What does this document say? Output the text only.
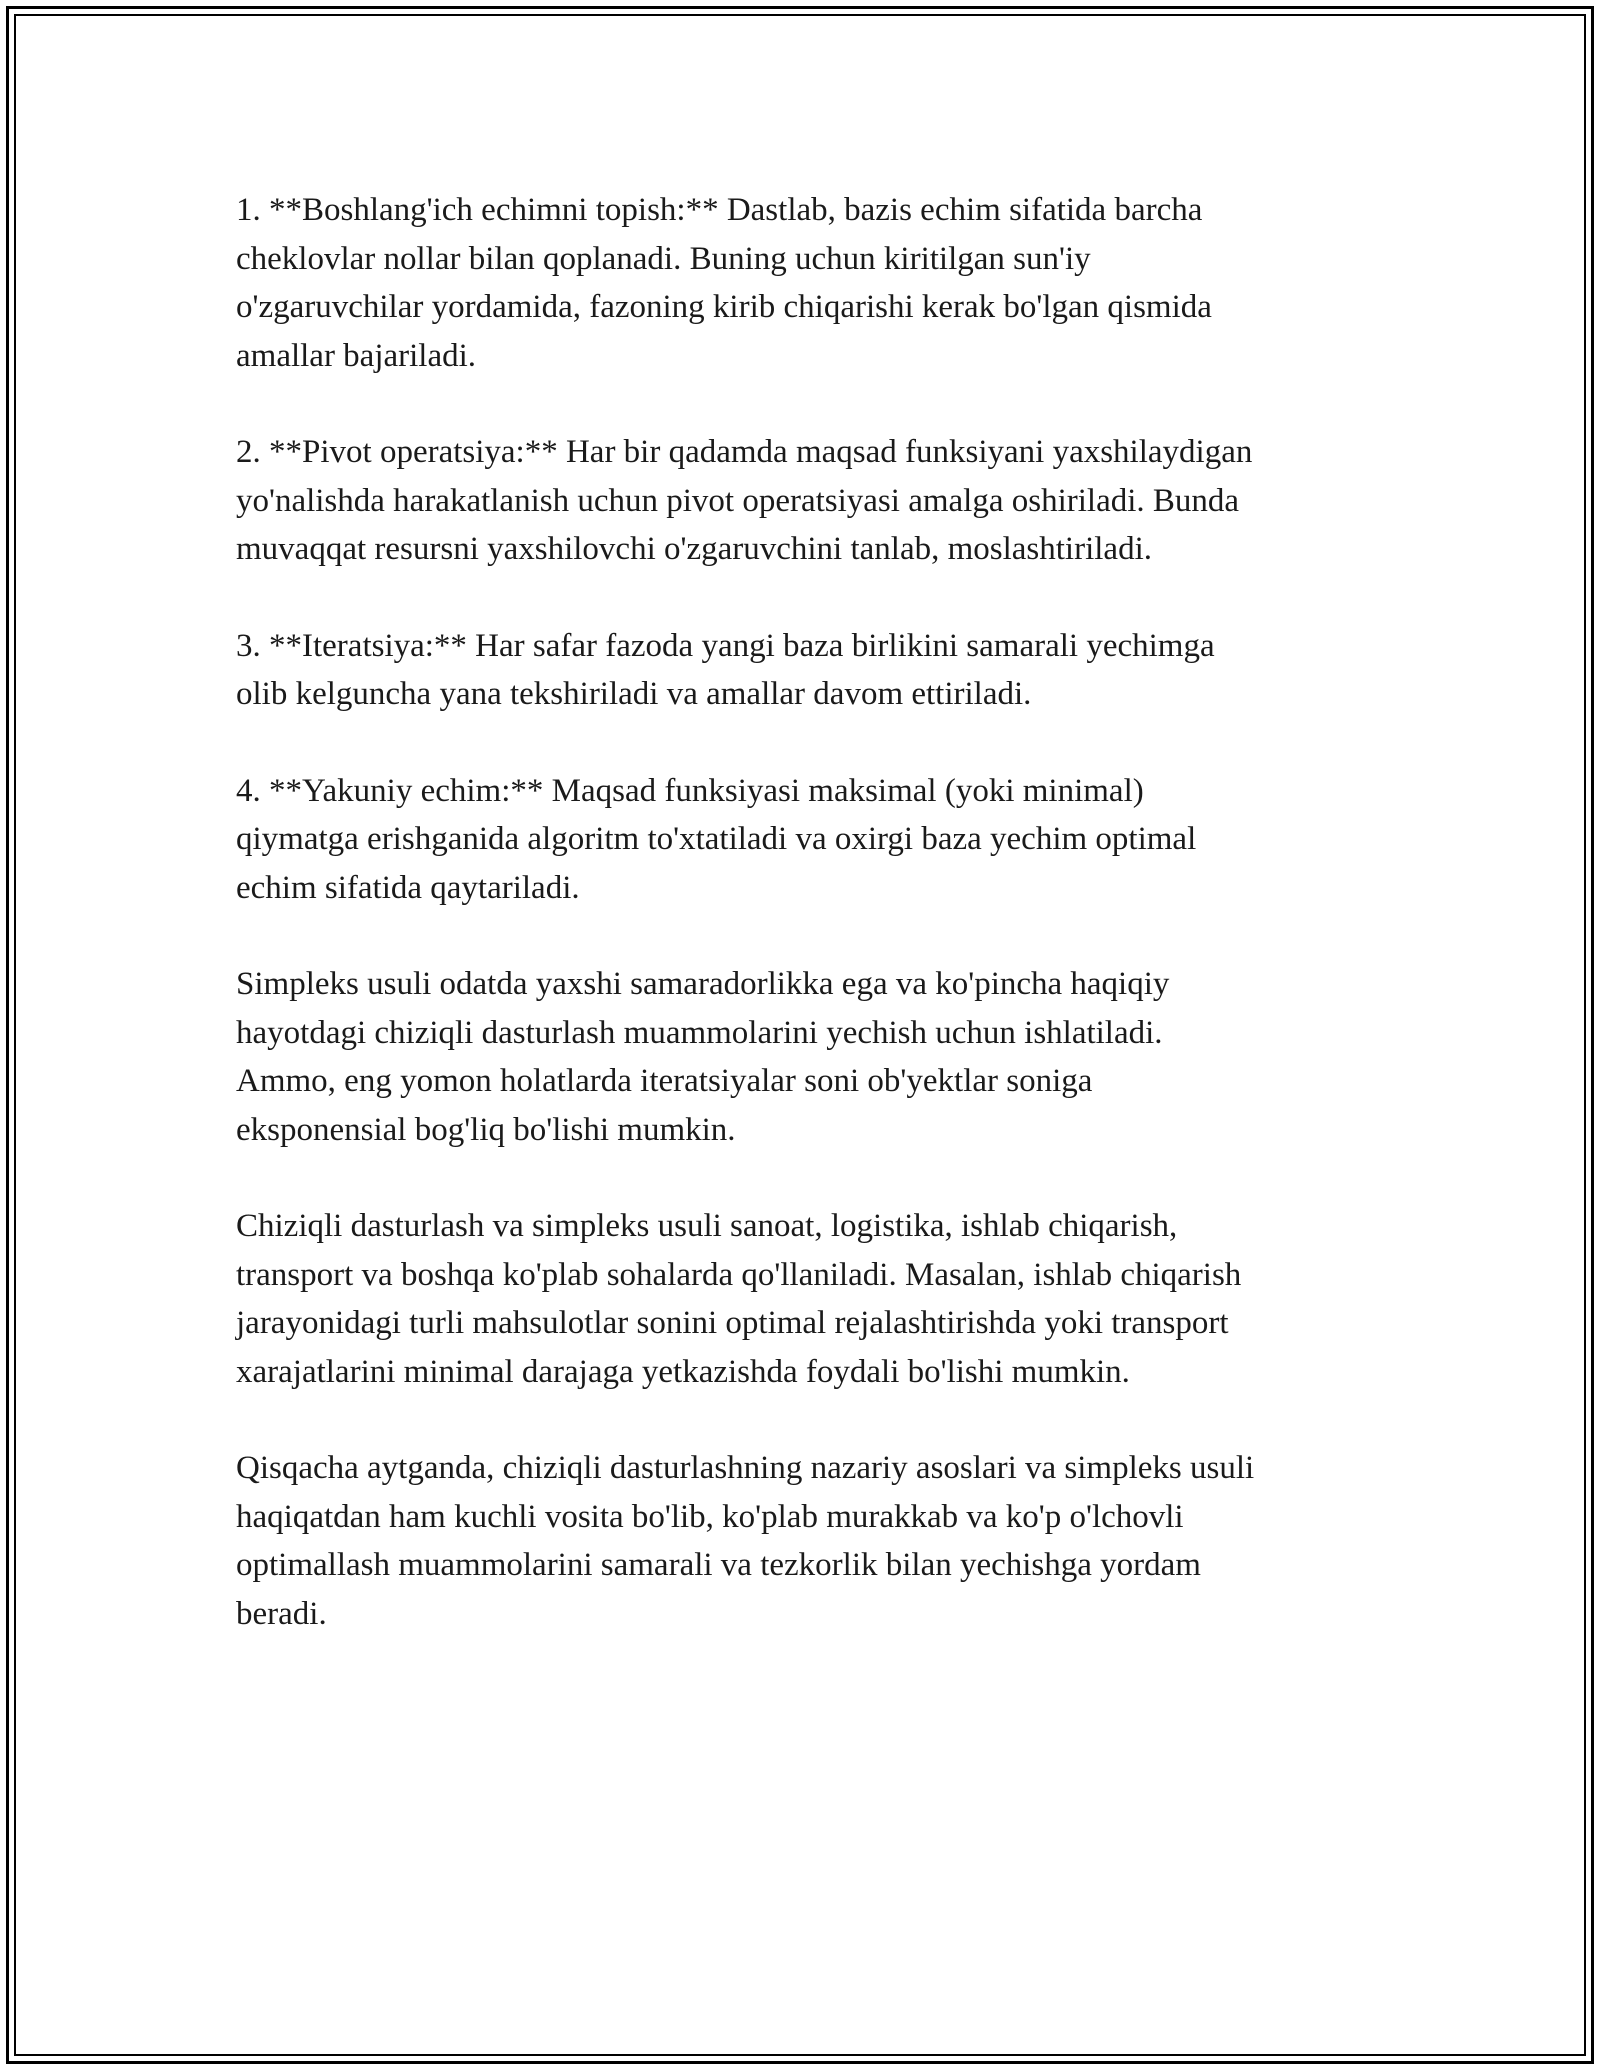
1. **Boshlang'ich echimni topish:** Dastlab, bazis echim sifatida barcha
cheklovlar nollar bilan qoplanadi. Buning uchun kiritilgan sun'iy
o'zgaruvchilar yordamida, fazoning kirib chiqarishi kerak bo'lgan qismida
amallar bajariladi.

2. **Pivot operatsiya:** Har bir qadamda maqsad funksiyani yaxshilaydigan
yo'nalishda harakatlanish uchun pivot operatsiyasi amalga oshiriladi. Bunda
muvaqqat resursni yaxshilovchi o'zgaruvchini tanlab, moslashtiriladi.

3. **Iteratsiya:** Har safar fazoda yangi baza birlikini samarali yechimga
olib kelguncha yana tekshiriladi va amallar davom ettiriladi.

4. **Yakuniy echim:** Maqsad funksiyasi maksimal (yoki minimal)
qiymatga erishganida algoritm to'xtatiladi va oxirgi baza yechim optimal
echim sifatida qaytariladi.

Simpleks usuli odatda yaxshi samaradorlikka ega va ko'pincha haqiqiy
hayotdagi chiziqli dasturlash muammolarini yechish uchun ishlatiladi.
Ammo, eng yomon holatlarda iteratsiyalar soni ob'yektlar soniga
eksponensial bog'liq bo'lishi mumkin.

Chiziqli dasturlash va simpleks usuli sanoat, logistika, ishlab chiqarish,
transport va boshqa ko'plab sohalarda qo'llaniladi. Masalan, ishlab chiqarish
jarayonidagi turli mahsulotlar sonini optimal rejalashtirishda yoki transport
xarajatlarini minimal darajaga yetkazishda foydali bo'lishi mumkin.

Qisqacha aytganda, chiziqli dasturlashning nazariy asoslari va simpleks usuli
haqiqatdan ham kuchli vosita bo'lib, ko'plab murakkab va ko'p o'lchovli
optimallash muammolarini samarali va tezkorlik bilan yechishga yordam
beradi.
